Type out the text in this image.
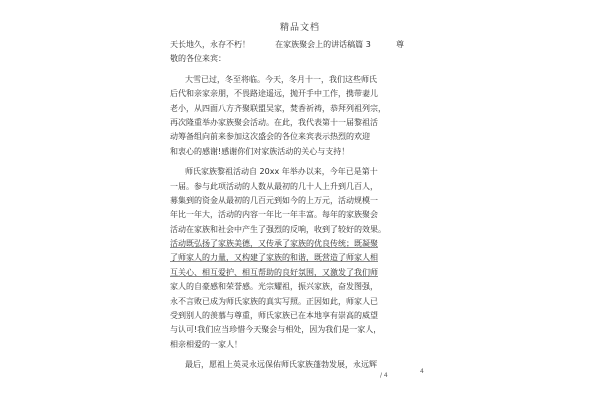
精品文档
天长地久，永存不朽！	在家族聚会上的讲话稿篇 3	尊
敬的各位来宾：
大雪已过，冬至将临。今天，冬月十一，我们这些师氏
后代和亲家亲朋，不畏路途遥远，抛开手中工作，携带妻儿
老小，从四面八方齐聚联盟吴家，焚香祈祷，恭拜列祖列宗，
再次隆重举办家族聚会活动。在此，我代表第十一届黎祖活
动筹备组向前来参加这次盛会的各位来宾表示热烈的欢迎
和衷心的感谢!感谢你们对家族活动的关心与支持！
师氏家族黎祖活动自 20xx 年举办以来，今年已是第十
一届。参与此项活动的人数从最初的几十人上升到几百人，
募集到的资金从最初的几百元到如今的上万元，活动规模一
年比一年大，活动的内容一年比一年丰富。每年的家族聚会
活动在家族和社会中产生了强烈的反响，收到了较好的效果。
活动既弘扬了家族美德，又传承了家族的优良传统；既凝聚
了师家人的力量，又构建了家族的和谐，既营造了师家人相
互关心、相互爱护、相互帮助的良好氛围，又激发了我们师
家人的自豪感和荣誉感。光宗耀祖，振兴家族，奋发图强，
永不言败已成为师氏家族的真实写照。正因如此，师家人已
受到别人的羡慕与尊重，师氏家族已在本地享有崇高的威望
与认可!我们应当珍惜今天聚会与相处，因为我们是一家人，
相亲相爱的一家人！
最后，愿祖上英灵永远保佑师氏家族蓬勃发展，永远辉
/ 4
4
